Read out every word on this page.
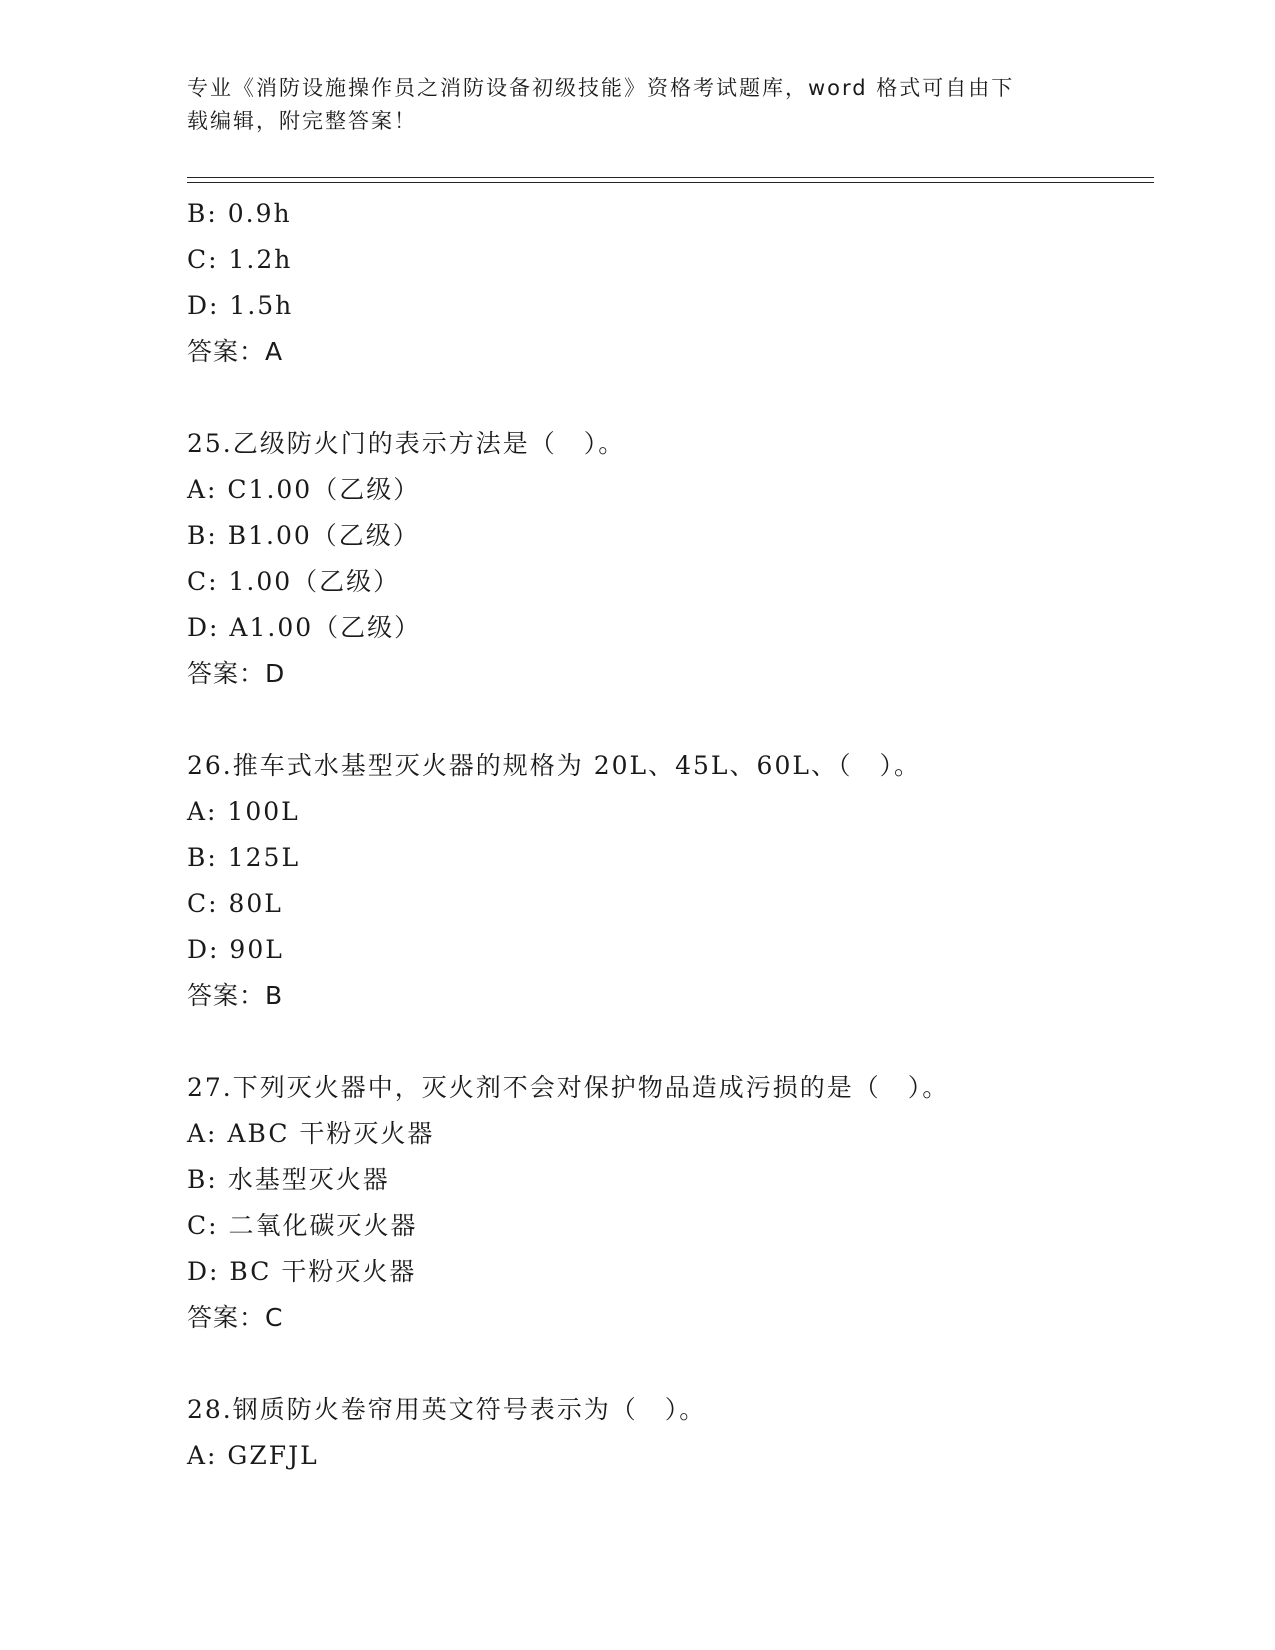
专业《消防设施操作员之消防设备初级技能》资格考试题库，word 格式可自由下
载编辑，附完整答案！
B: 0.9h
C: 1.2h
D: 1.5h
答案：A
25.乙级防火门的表示方法是（　）。
A: C1.00（乙级）
B: B1.00（乙级）
C: 1.00（乙级）
D: A1.00（乙级）
答案：D
26.推车式水基型灭火器的规格为 20L、45L、60L、（　）。
A: 100L
B: 125L
C: 80L
D: 90L
答案：B
27.下列灭火器中，灭火剂不会对保护物品造成污损的是（　）。
A: ABC 干粉灭火器
B: 水基型灭火器
C: 二氧化碳灭火器
D: BC 干粉灭火器
答案：C
28.钢质防火卷帘用英文符号表示为（　）。
A: GZFJL
